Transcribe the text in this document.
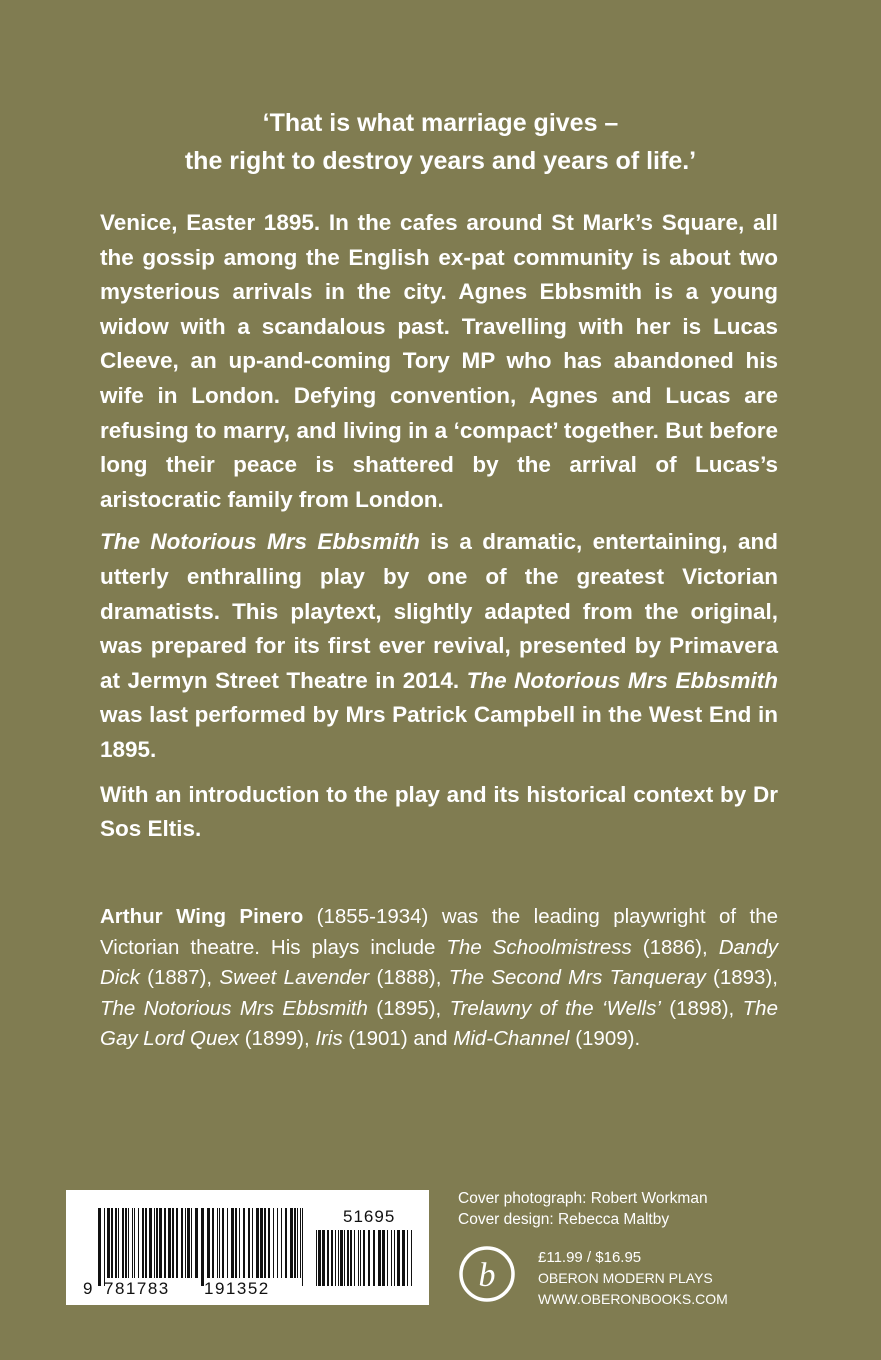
‘That is what marriage gives –
the right to destroy years and years of life.’

Venice, Easter 1895. In the cafes around St Mark’s Square, all the gossip among the English ex-pat community is about two mysterious arrivals in the city. Agnes Ebbsmith is a young widow with a scandalous past. Travelling with her is Lucas Cleeve, an up-and-coming Tory MP who has abandoned his wife in London. Defying convention, Agnes and Lucas are refusing to marry, and living in a ‘compact’ together. But before long their peace is shattered by the arrival of Lucas’s aristocratic family from London.

The Notorious Mrs Ebbsmith is a dramatic, entertaining, and utterly enthralling play by one of the greatest Victorian dramatists. This playtext, slightly adapted from the original, was prepared for its first ever revival, presented by Primavera at Jermyn Street Theatre in 2014. The Notorious Mrs Ebbsmith was last performed by Mrs Patrick Campbell in the West End in 1895.

With an introduction to the play and its historical context by Dr Sos Eltis.

Arthur Wing Pinero (1855-1934) was the leading playwright of the Victorian theatre. His plays include The Schoolmistress (1886), Dandy Dick (1887), Sweet Lavender (1888), The Second Mrs Tanqueray (1893), The Notorious Mrs Ebbsmith (1895), Trelawny of the ‘Wells’ (1898), The Gay Lord Quex (1899), Iris (1901) and Mid-Channel (1909).

9 781783 191352
51695
Cover photograph: Robert Workman
Cover design: Rebecca Maltby
b	£11.99 / $16.95
OBERON MODERN PLAYS
WWW.OBERONBOOKS.COM
